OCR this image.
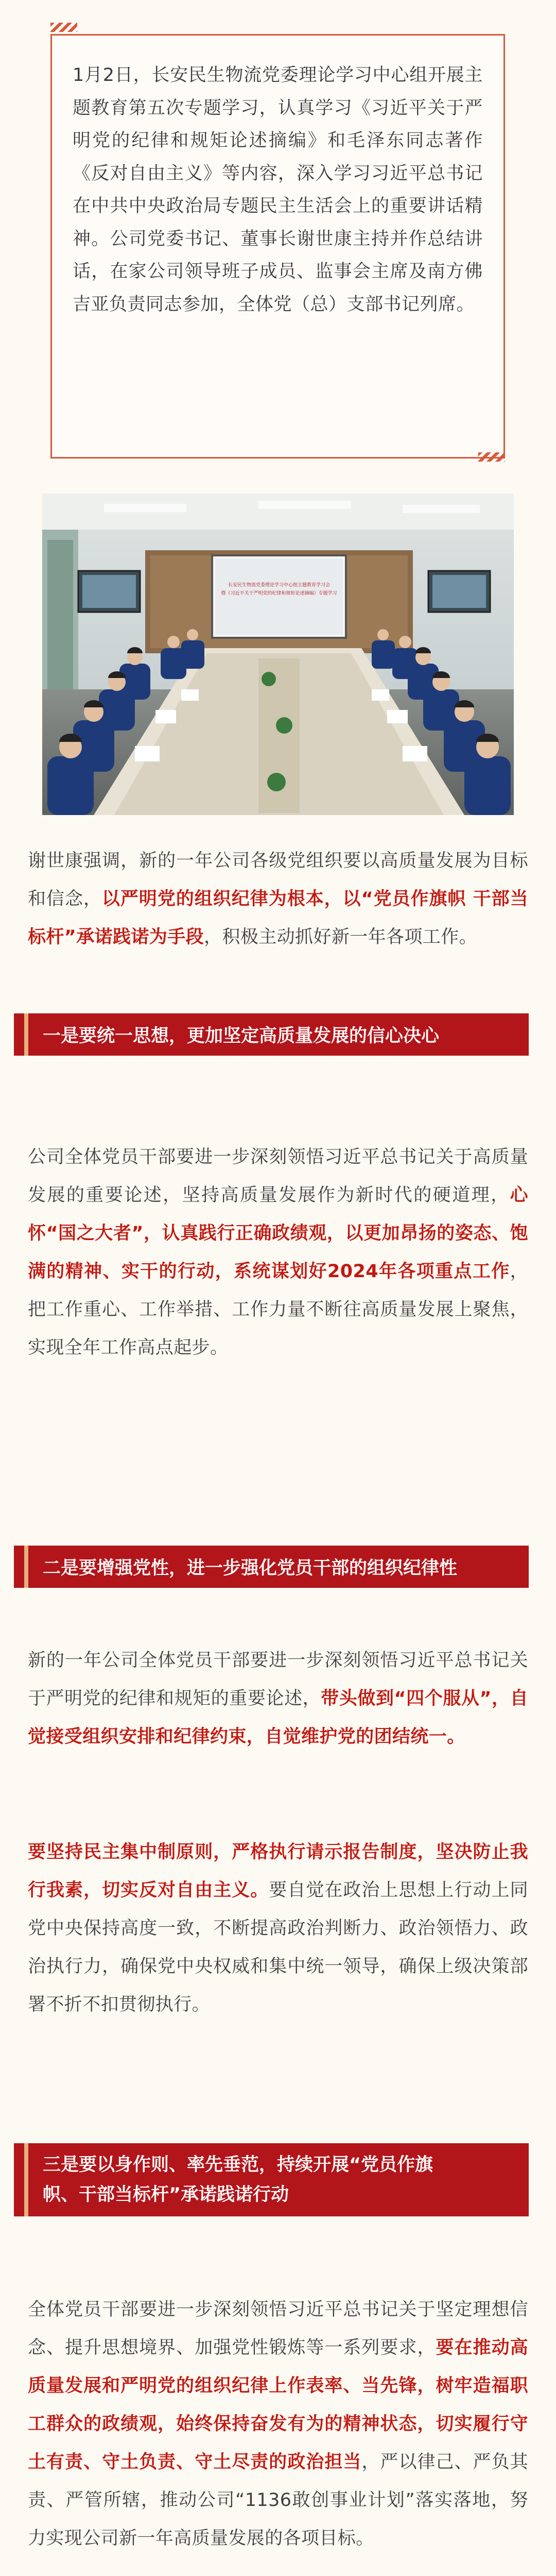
1月2日，长安民生物流党委理论学习中心组开展主题教育第五次专题学习，认真学习《习近平关于严明党的纪律和规矩论述摘编》和毛泽东同志著作《反对自由主义》等内容，深入学习习近平总书记在中共中央政治局专题民主生活会上的重要讲话精神。公司党委书记、董事长谢世康主持并作总结讲话，在家公司领导班子成员、监事会主席及南方佛吉亚负责同志参加，全体党（总）支部书记列席。

长安民生物流党委理论学习中心组主题教育学习会
暨《习近平关于严明党的纪律和规矩论述摘编》专题学习

谢世康强调，新的一年公司各级党组织要以高质量发展为目标和信念，以严明党的组织纪律为根本，以“党员作旗帜 干部当标杆”承诺践诺为手段，积极主动抓好新一年各项工作。

一是要统一思想，更加坚定高质量发展的信心决心

公司全体党员干部要进一步深刻领悟习近平总书记关于高质量发展的重要论述，坚持高质量发展作为新时代的硬道理，心怀“国之大者”，认真践行正确政绩观，以更加昂扬的姿态、饱满的精神、实干的行动，系统谋划好2024年各项重点工作，把工作重心、工作举措、工作力量不断往高质量发展上聚焦，实现全年工作高点起步。

二是要增强党性，进一步强化党员干部的组织纪律性

新的一年公司全体党员干部要进一步深刻领悟习近平总书记关于严明党的纪律和规矩的重要论述，带头做到“四个服从”，自觉接受组织安排和纪律约束，自觉维护党的团结统一。

要坚持民主集中制原则，严格执行请示报告制度，坚决防止我行我素，切实反对自由主义。要自觉在政治上思想上行动上同党中央保持高度一致，不断提高政治判断力、政治领悟力、政治执行力，确保党中央权威和集中统一领导，确保上级决策部署不折不扣贯彻执行。

三是要以身作则、率先垂范，持续开展“党员作旗
帜、干部当标杆”承诺践诺行动

全体党员干部要进一步深刻领悟习近平总书记关于坚定理想信念、提升思想境界、加强党性锻炼等一系列要求，要在推动高质量发展和严明党的组织纪律上作表率、当先锋，树牢造福职工群众的政绩观，始终保持奋发有为的精神状态，切实履行守土有责、守土负责、守土尽责的政治担当，严以律己、严负其责、严管所辖，推动公司“1136敢创事业计划”落实落地，努力实现公司新一年高质量发展的各项目标。
